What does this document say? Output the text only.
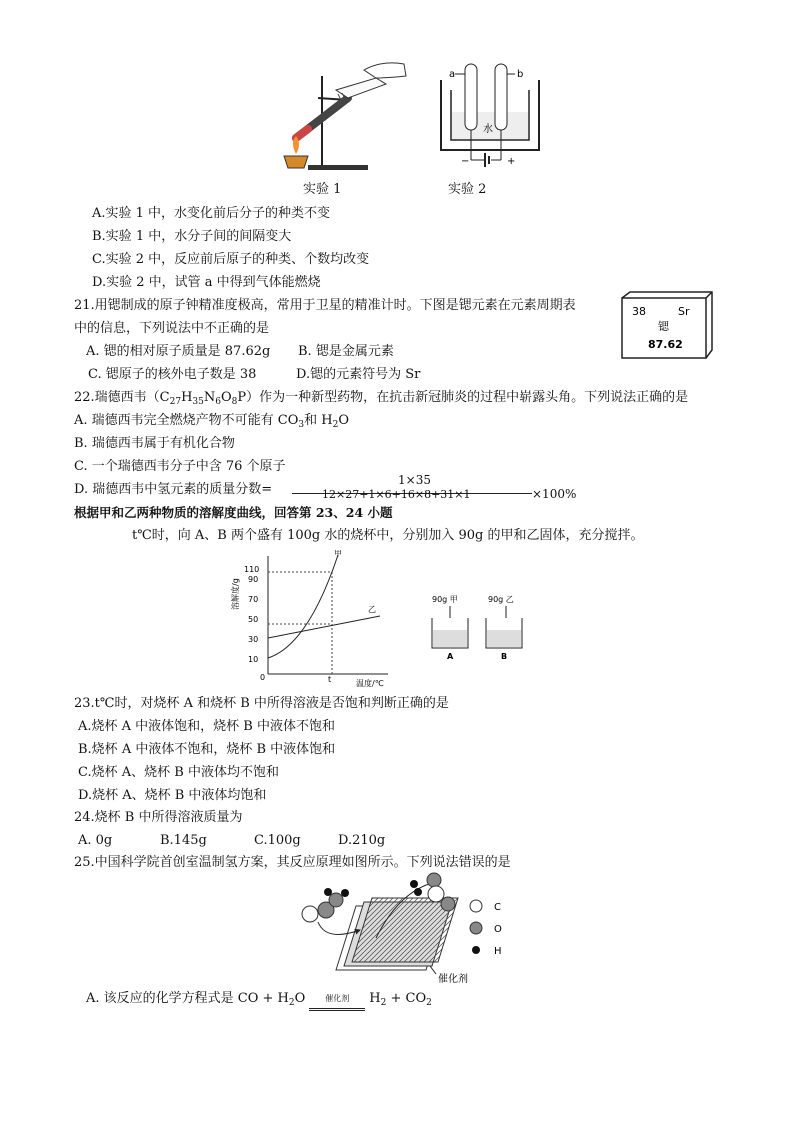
a	b
水
−	+
实验 1	实验 2
A.实验 1 中，水变化前后分子的种类不变
B.实验 1 中，水分子间的间隔变大
C.实验 2 中，反应前后原子的种类、个数均改变
D.实验 2 中，试管 a 中得到气体能燃烧
21.用锶制成的原子钟精准度极高，常用于卫星的精准计时。下图是锶元素在元素周期表
中的信息，下列说法中不正确的是
A. 锶的相对原子质量是 87.62g B. 锶是金属元素
C. 锶原子的核外电子数是 38	D.锶的元素符号为 Sr
38	Sr
锶
87.62
22.瑞德西韦$(C_{27}H_{35}N_6O_8P)$作为一种新型药物，在抗击新冠肺炎的过程中崭露头角。下列说法正确的是
A. 瑞德西韦完全燃烧产物不可能有 $CO_3$和 $H_2O$
B. 瑞德西韦属于有机化合物
C. 一个瑞德西韦分子中含 76 个原子
D. 瑞德西韦中氢元素的质量分数=
1×35
12×27+1×6+16×8+31×1	×100%
根据甲和乙两种物质的溶解度曲线，回答第 23、24 小题
t℃时，向 A、B 两个盛有 100g 水的烧杯中，分别加入 90g 的甲和乙固体，充分搅拌。
溶解度/g
0
10
30
50
70
90
110
t	温度/℃
甲
乙
90g 甲	90g 乙
A	B
23.t℃时，对烧杯 A 和烧杯 B 中所得溶液是否饱和判断正确的是
A.烧杯 A 中液体饱和，烧杯 B 中液体不饱和
B.烧杯 A 中液体不饱和，烧杯 B 中液体饱和
C.烧杯 A、烧杯 B 中液体均不饱和
D.烧杯 A、烧杯 B 中液体均饱和
24.烧杯 B 中所得溶液质量为
A. 0g	B.145g	C.100g	D.210g
25.中国科学院首创室温制氢方案，其反应原理如图所示。下列说法错误的是
C
O
H
催化剂
A. 该反应的化学方程式是 CO + $H_2O$	催化剂 $H_2 + CO_2$
